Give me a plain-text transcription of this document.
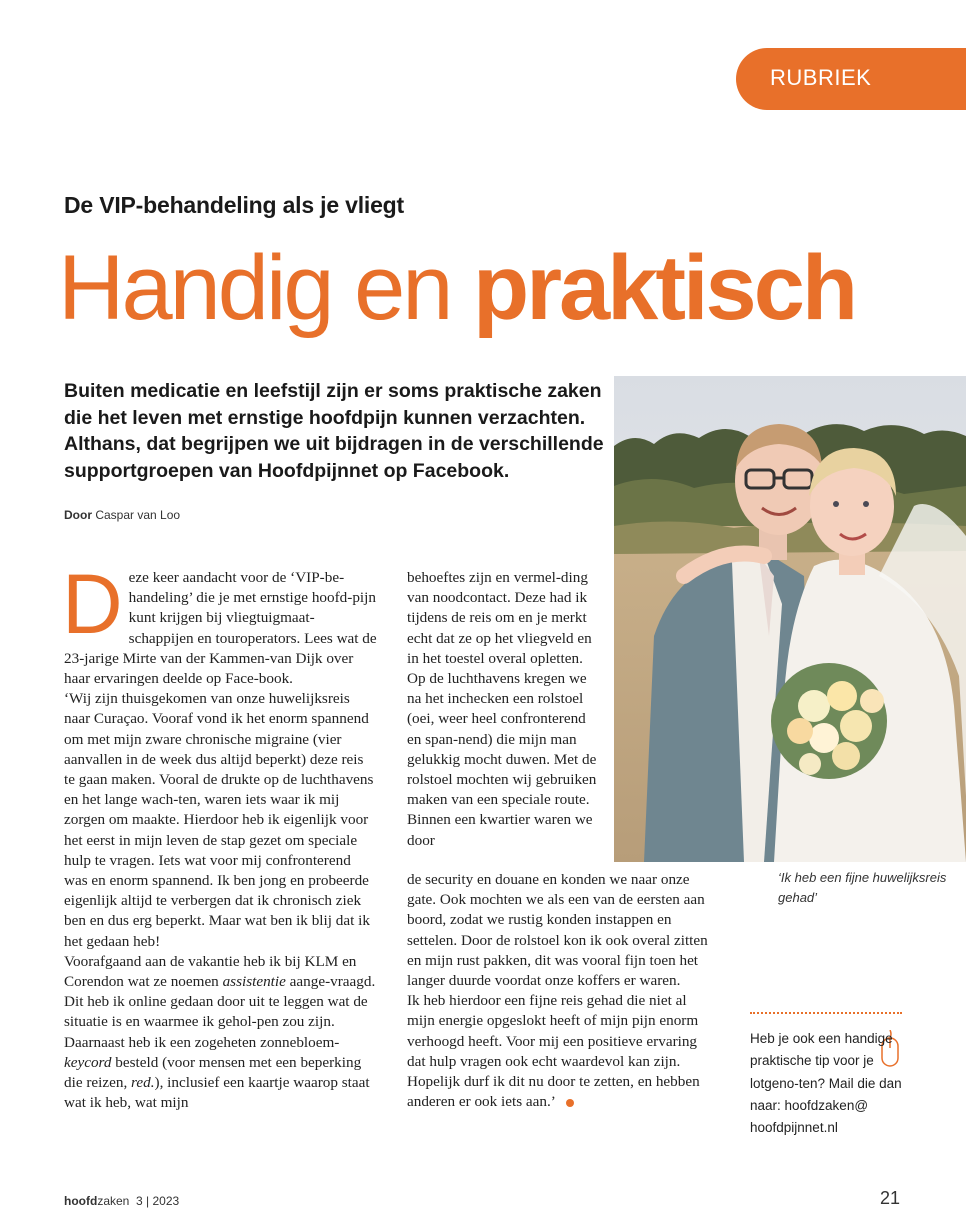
RUBRIEK
De VIP-behandeling als je vliegt
Handig en praktisch
Buiten medicatie en leefstijl zijn er soms praktische zaken die het leven met ernstige hoofdpijn kunnen verzachten. Althans, dat begrijpen we uit bijdragen in de verschillende supportgroepen van Hoofdpijnnet op Facebook.
Door Caspar van Loo

Deze keer aandacht voor de ‘VIP-be-handeling’ die je met ernstige hoofd-pijn kunt krijgen bij vliegtuigmaat-schappijen en touroperators. Lees wat de 23-jarige Mirte van der Kammen-van Dijk over haar ervaringen deelde op Face-book.

‘Wij zijn thuisgekomen van onze huwelijksreis naar Curaçao. Vooraf vond ik het enorm spannend om met mijn zware chronische migraine (vier aanvallen in de week dus altijd beperkt) deze reis te gaan maken. Vooral de drukte op de luchthavens en het lange wach-ten, waren iets waar ik mij zorgen om maakte. Hierdoor heb ik eigenlijk voor het eerst in mijn leven de stap gezet om speciale hulp te vragen. Iets wat voor mij confronterend was en enorm spannend. Ik ben jong en probeerde eigenlijk altijd te verbergen dat ik chronisch ziek ben en dus erg beperkt. Maar wat ben ik blij dat ik het gedaan heb!

Voorafgaand aan de vakantie heb ik bij KLM en Corendon wat ze noemen assistentie aange-vraagd. Dit heb ik online gedaan door uit te leggen wat de situatie is en waarmee ik gehol-pen zou zijn. Daarnaast heb ik een zogeheten zonnebloem-keycord besteld (voor mensen met een beperking die reizen, red.), inclusief een kaartje waarop staat wat ik heb, wat mijn

behoeftes zijn en vermel-ding van noodcontact. Deze had ik tijdens de reis om en je merkt echt dat ze op het vliegveld en in het toestel overal opletten.

Op de luchthavens kregen we na het inchecken een rolstoel (oei, weer heel confronterend en span-nend) die mijn man gelukkig mocht duwen. Met de rolstoel mochten wij gebruiken maken van een speciale route. Binnen een kwartier waren we door

de security en douane en konden we naar onze gate. Ook mochten we als een van de eersten aan boord, zodat we rustig konden instappen en settelen. Door de rolstoel kon ik ook overal zitten en mijn rust pakken, dit was vooral fijn toen het langer duurde voordat onze koffers er waren.

Ik heb hierdoor een fijne reis gehad die niet al mijn energie opgeslokt heeft of mijn pijn enorm verhoogd heeft. Voor mij een positieve ervaring dat hulp vragen ook echt waardevol kan zijn. Hopelijk durf ik dit nu door te zetten, en hebben anderen er ook iets aan.’

‘Ik heb een fijne huwelijksreis gehad’
Heb je ook een handige praktische tip voor je lotgeno-ten? Mail die dan naar: hoofdzaken@ hoofdpijnnet.nl
hoofdzaken 3 | 2023	21
